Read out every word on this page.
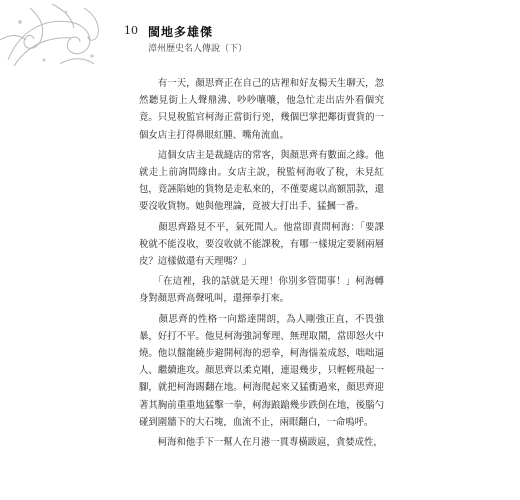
10 閩地多雄傑
漳州歷史名人傳說（下）

　　有一天，顏思齊正在自己的店裡和好友楊天生聊天，忽然聽見街上人聲鼎沸、吵吵嚷嚷，他急忙走出店外看個究竟。只見稅監官柯海正當街行兇，幾個巴掌把鄰街賣貨的一個女店主打得鼻眼紅腫、嘴角流血。

　　這個女店主是裁縫店的常客，與顏思齊有數面之緣。他就走上前詢問緣由。女店主說，稅監柯海收了稅，未見紅包，竟誣陷她的貨物是走私來的，不僅要處以高額罰款，還要沒收貨物。她與他理論，竟被大打出手、猛摑一番。

　　顏思齊路見不平，氣死閒人。他當即責問柯海：「要課稅就不能沒收，要沒收就不能課稅，有哪一樣規定要剝兩層皮？這樣做還有天理嗎？」

　　「在這裡，我的話就是天理！你別多管閒事！」柯海轉身對顏思齊高聲吼叫，還揮拳打來。

　　顏思齊的性格一向豁達開朗，為人剛強正直，不畏強暴，好打不平。他見柯海強詞奪理、無理取鬧，當即怒火中燒。他以盤龍繞步避開柯海的惡拳，柯海惱羞成怒，咄咄逼人、繼續進攻。顏思齊以柔克剛，連退幾步，只輕輕飛起一腳，就把柯海踢翻在地。柯海爬起來又猛衝過來，顏思齊迎著其胸前重重地猛擊一拳，柯海踉蹌幾步跌倒在地，後腦勺碰到圍牆下的大石塊，血流不止，兩眼翻白，一命嗚呼。

　　柯海和他手下一幫人在月港一貫專橫跋扈，貪婪成性，
